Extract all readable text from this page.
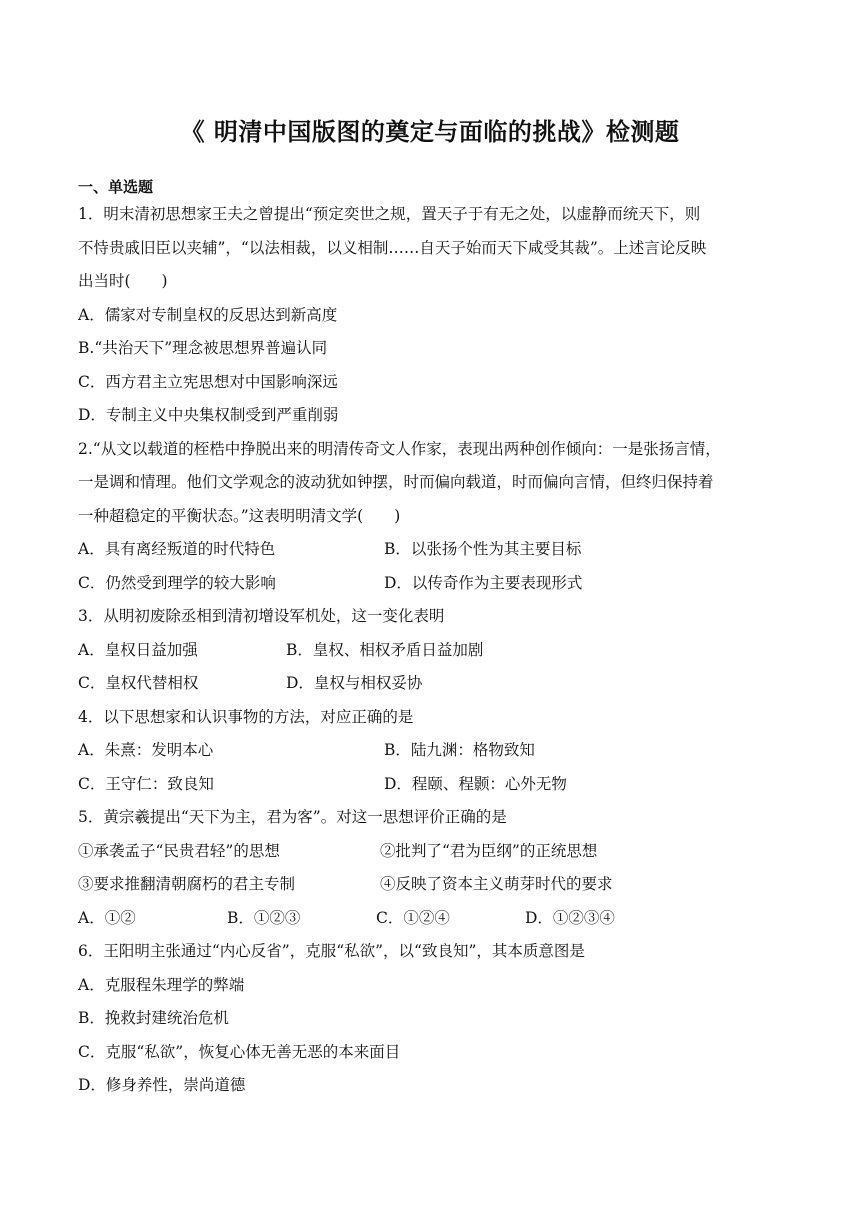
《 明清中国版图的奠定与面临的挑战》检测题
一、单选题
1．明末清初思想家王夫之曾提出“预定奕世之规，置天子于有无之处，以虚静而统天下，则
不恃贵戚旧臣以夹辅”，“以法相裁，以义相制……自天子始而天下咸受其裁”。上述言论反映
出当时(　　)
A．儒家对专制皇权的反思达到新高度
B.“共治天下”理念被思想界普遍认同
C．西方君主立宪思想对中国影响深远
D．专制主义中央集权制受到严重削弱
2.“从文以载道的桎梏中挣脱出来的明清传奇文人作家，表现出两种创作倾向：一是张扬言情，
一是调和情理。他们文学观念的波动犹如钟摆，时而偏向载道，时而偏向言情，但终归保持着
一种超稳定的平衡状态。”这表明明清文学(　　)
A．具有离经叛道的时代特色	B．以张扬个性为其主要目标
C．仍然受到理学的较大影响	D．以传奇作为主要表现形式
3．从明初废除丞相到清初增设军机处，这一变化表明
A．皇权日益加强	B．皇权、相权矛盾日益加剧
C．皇权代替相权	D．皇权与相权妥协
4．以下思想家和认识事物的方法，对应正确的是
A．朱熹：发明本心	B．陆九渊：格物致知
C．王守仁：致良知	D．程颐、程颢：心外无物
5．黄宗羲提出“天下为主，君为客”。对这一思想评价正确的是
①承袭孟子“民贵君轻”的思想	②批判了“君为臣纲”的正统思想
③要求推翻清朝腐朽的君主专制	④反映了资本主义萌芽时代的要求
A．①②	B．①②③	C．①②④	D．①②③④
6．王阳明主张通过“内心反省”，克服“私欲”，以“致良知”，其本质意图是
A．克服程朱理学的弊端
B．挽救封建统治危机
C．克服“私欲”，恢复心体无善无恶的本来面目
D．修身养性，崇尚道德
